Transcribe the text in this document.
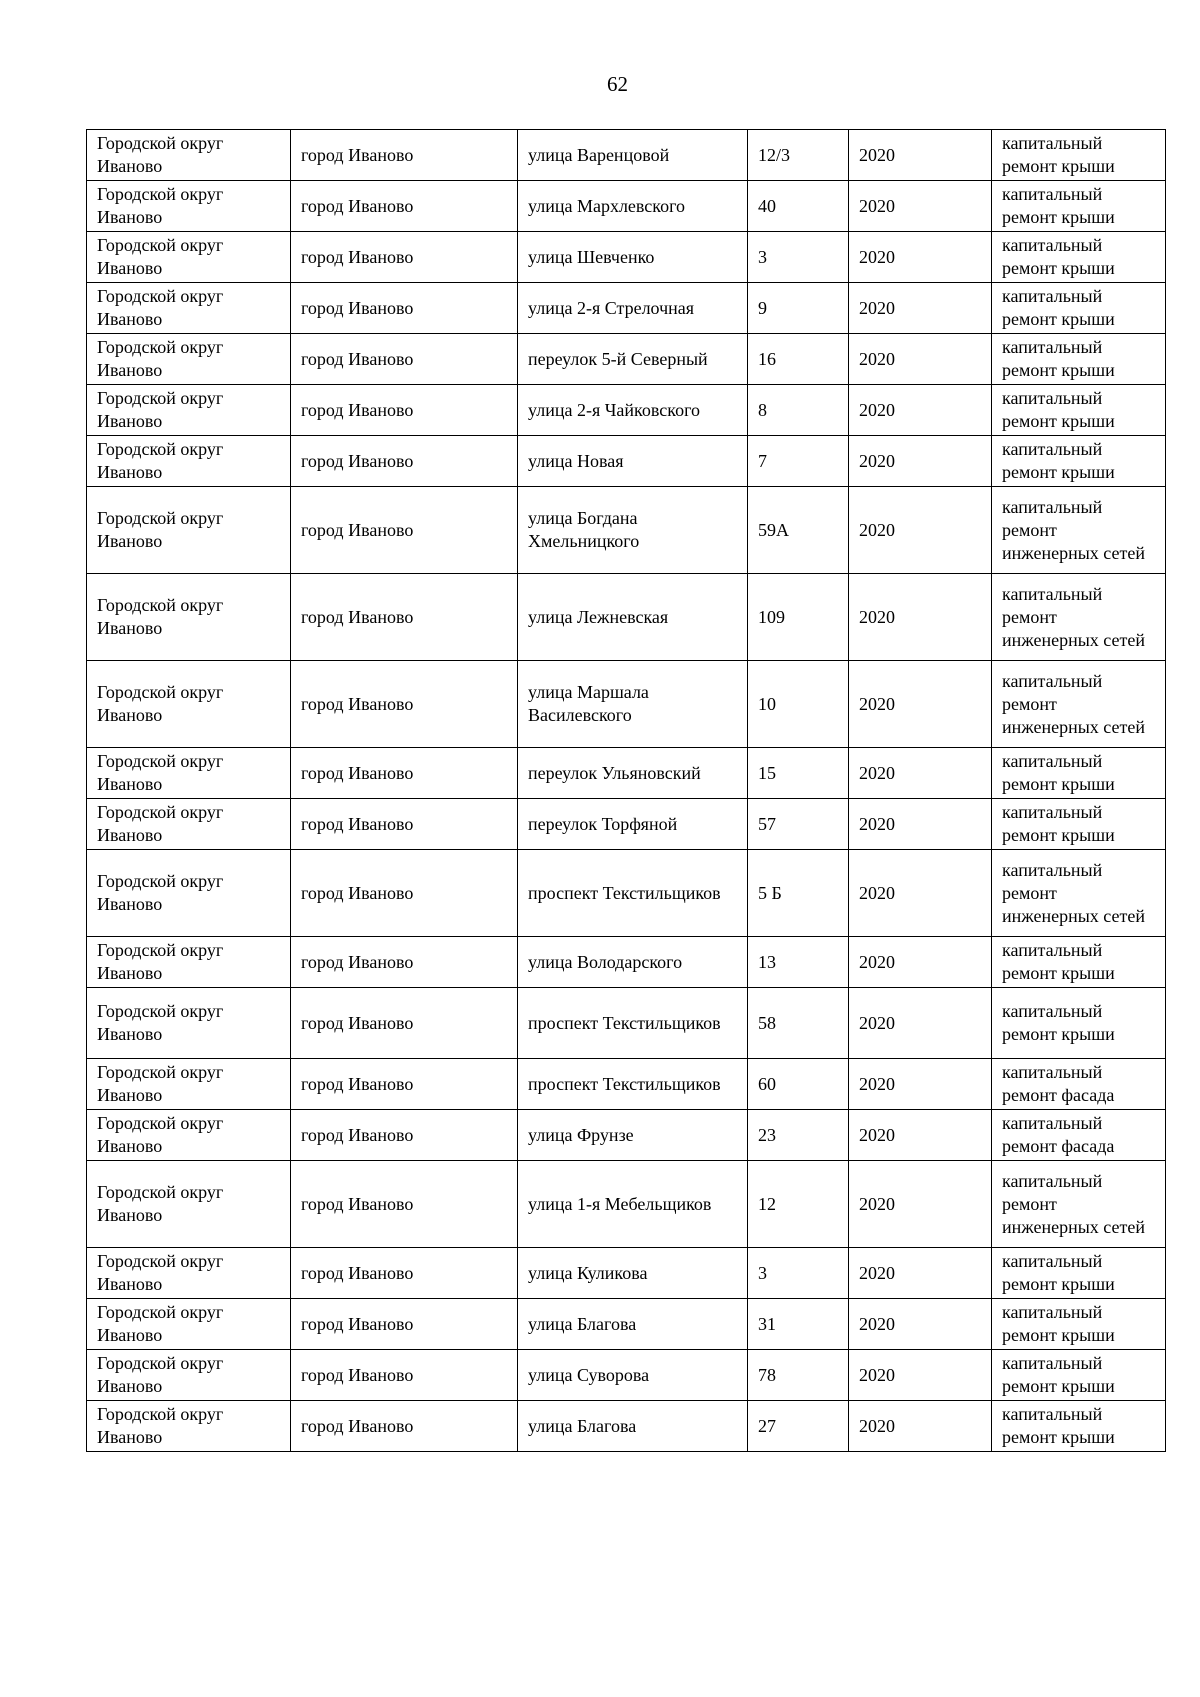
62
Городской округ Иваново	город Иваново	улица Варенцовой	12/3	2020	капитальный ремонт крыши
Городской округ Иваново	город Иваново	улица Мархлевского	40	2020	капитальный ремонт крыши
Городской округ Иваново	город Иваново	улица Шевченко	3	2020	капитальный ремонт крыши
Городской округ Иваново	город Иваново	улица 2-я Стрелочная	9	2020	капитальный ремонт крыши
Городской округ Иваново	город Иваново	переулок 5-й Северный	16	2020	капитальный ремонт крыши
Городской округ Иваново	город Иваново	улица 2-я Чайковского	8	2020	капитальный ремонт крыши
Городской округ Иваново	город Иваново	улица Новая	7	2020	капитальный ремонт крыши
Городской округ Иваново	город Иваново	улица Богдана Хмельницкого	59А	2020	капитальный ремонт инженерных сетей
Городской округ Иваново	город Иваново	улица Лежневская	109	2020	капитальный ремонт инженерных сетей
Городской округ Иваново	город Иваново	улица Маршала Василевского	10	2020	капитальный ремонт инженерных сетей
Городской округ Иваново	город Иваново	переулок Ульяновский	15	2020	капитальный ремонт крыши
Городской округ Иваново	город Иваново	переулок Торфяной	57	2020	капитальный ремонт крыши
Городской округ Иваново	город Иваново	проспект Текстильщиков	5 Б	2020	капитальный ремонт инженерных сетей
Городской округ Иваново	город Иваново	улица Володарского	13	2020	капитальный ремонт крыши
Городской округ Иваново	город Иваново	проспект Текстильщиков	58	2020	капитальный ремонт крыши
Городской округ Иваново	город Иваново	проспект Текстильщиков	60	2020	капитальный ремонт фасада
Городской округ Иваново	город Иваново	улица Фрунзе	23	2020	капитальный ремонт фасада
Городской округ Иваново	город Иваново	улица 1-я Мебельщиков	12	2020	капитальный ремонт инженерных сетей
Городской округ Иваново	город Иваново	улица Куликова	3	2020	капитальный ремонт крыши
Городской округ Иваново	город Иваново	улица Благова	31	2020	капитальный ремонт крыши
Городской округ Иваново	город Иваново	улица Суворова	78	2020	капитальный ремонт крыши
Городской округ Иваново	город Иваново	улица Благова	27	2020	капитальный ремонт крыши
